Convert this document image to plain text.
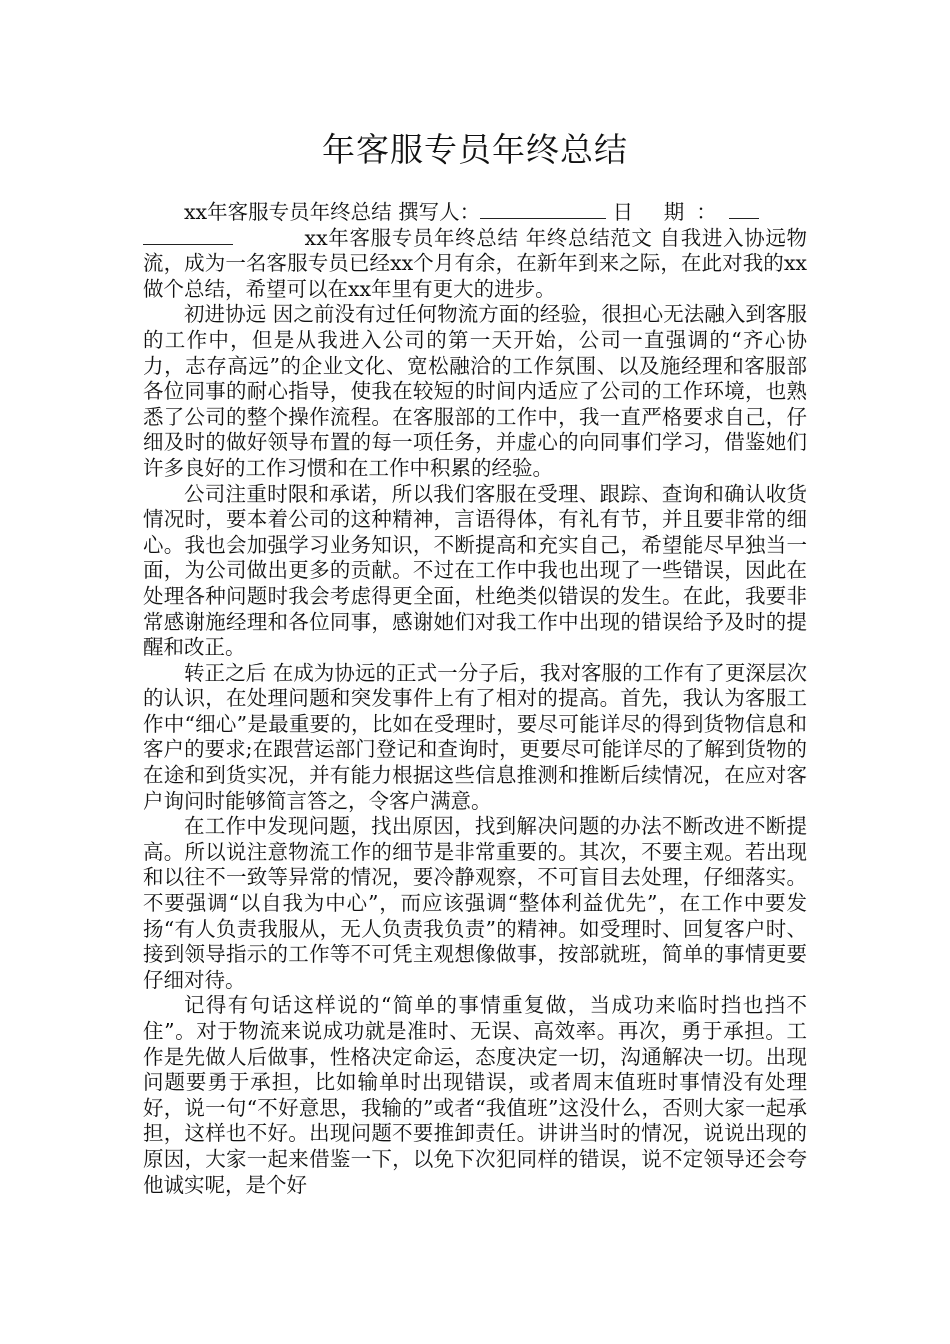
年客服专员年终总结

xx年客服专员年终总结 撰写人：	日 期：
xx年客服专员年终总结 年终总结范文 自我进入协远物流，成为一名客服专员已经xx个月有余，在新年到来之际，在此对我的xx做个总结，希望可以在xx年里有更大的进步。

初进协远 因之前没有过任何物流方面的经验，很担心无法融入到客服的工作中，但是从我进入公司的第一天开始，公司一直强调的“齐心协力，志存高远”的企业文化、宽松融洽的工作氛围、以及施经理和客服部各位同事的耐心指导，使我在较短的时间内适应了公司的工作环境，也熟悉了公司的整个操作流程。在客服部的工作中，我一直严格要求自己，仔细及时的做好领导布置的每一项任务，并虚心的向同事们学习，借鉴她们许多良好的工作习惯和在工作中积累的经验。

公司注重时限和承诺，所以我们客服在受理、跟踪、查询和确认收货情况时，要本着公司的这种精神，言语得体，有礼有节，并且要非常的细心。我也会加强学习业务知识，不断提高和充实自己，希望能尽早独当一面，为公司做出更多的贡献。不过在工作中我也出现了一些错误，因此在处理各种问题时我会考虑得更全面，杜绝类似错误的发生。在此，我要非常感谢施经理和各位同事，感谢她们对我工作中出现的错误给予及时的提醒和改正。

转正之后 在成为协远的正式一分子后，我对客服的工作有了更深层次的认识，在处理问题和突发事件上有了相对的提高。首先，我认为客服工作中“细心”是最重要的，比如在受理时，要尽可能详尽的得到货物信息和客户的要求;在跟营运部门登记和查询时，更要尽可能详尽的了解到货物的在途和到货实况，并有能力根据这些信息推测和推断后续情况，在应对客户询问时能够简言答之，令客户满意。

在工作中发现问题，找出原因，找到解决问题的办法不断改进不断提高。所以说注意物流工作的细节是非常重要的。其次，不要主观。若出现和以往不一致等异常的情况，要冷静观察，不可盲目去处理，仔细落实。不要强调“以自我为中心”，而应该强调“整体利益优先”，在工作中要发扬“有人负责我服从，无人负责我负责”的精神。如受理时、回复客户时、接到领导指示的工作等不可凭主观想像做事，按部就班，简单的事情更要仔细对待。

记得有句话这样说的“简单的事情重复做，当成功来临时挡也挡不住”。对于物流来说成功就是准时、无误、高效率。再次，勇于承担。工作是先做人后做事，性格决定命运，态度决定一切，沟通解决一切。出现问题要勇于承担，比如输单时出现错误，或者周末值班时事情没有处理好，说一句“不好意思，我输的”或者“我值班”这没什么，否则大家一起承担，这样也不好。出现问题不要推卸责任。讲讲当时的情况，说说出现的原因，大家一起来借鉴一下，以免下次犯同样的错误，说不定领导还会夸他诚实呢，是个好
